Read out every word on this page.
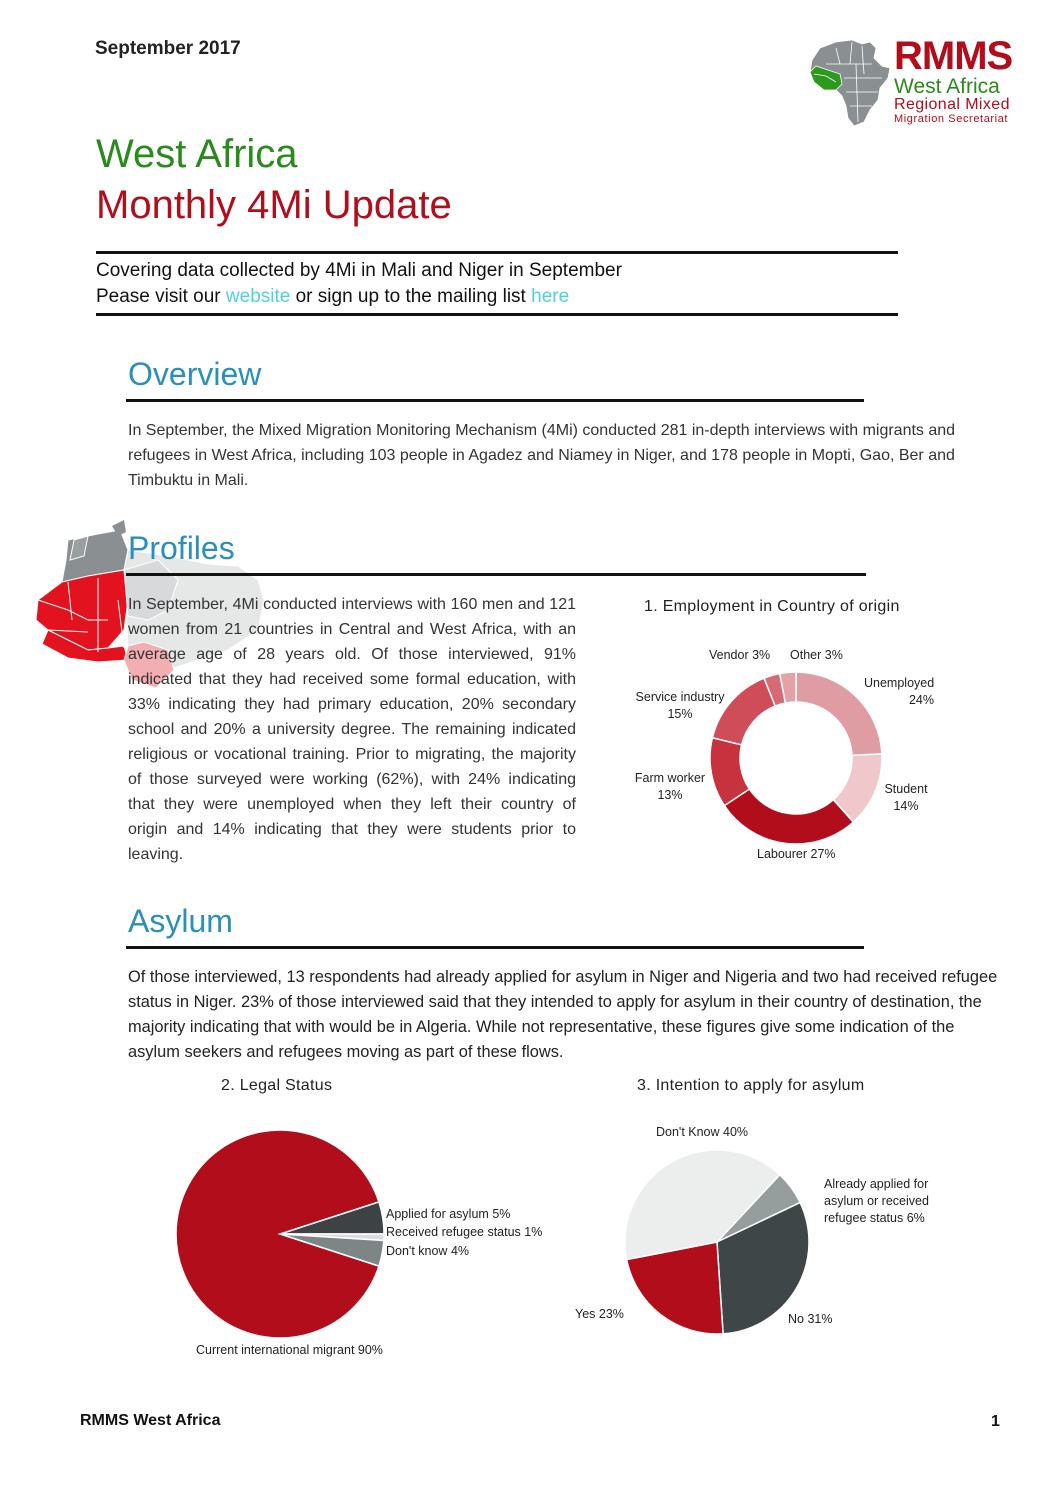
September 2017	RMMS
West Africa
Regional Mixed
Migration Secretariat
West Africa
Monthly 4Mi Update
Covering data collected by 4Mi in Mali and Niger in September
Pease visit our website or sign up to the mailing list here
Overview
In September, the Mixed Migration Monitoring Mechanism (4Mi) conducted 281 in-depth interviews with migrants and refugees in West Africa, including 103 people in Agadez and Niamey in Niger, and 178 people in Mopti, Gao, Ber and Timbuktu in Mali.
Profiles
In September, 4Mi conducted interviews with 160 men and 121 women from 21 countries in Central and West Africa, with an average age of 28 years old. Of those interviewed, 91% indicated that they had received some formal education, with 33% indicating they had primary education, 20% secondary school and 20% a university degree. The remaining indicated religious or vocational training. Prior to migrating, the majority of those surveyed were working (62%), with 24% indicating that they were unemployed when they left their country of origin and 14% indicating that they were students prior to leaving.
1. Employment in Country of origin
Unemployed
24%
Student
14%
Labourer 27%
Farm worker
13%
Service industry
15%
Vendor 3% Other 3%
Asylum
Of those interviewed, 13 respondents had already applied for asylum in Niger and Nigeria and two had received refugee status in Niger. 23% of those interviewed said that they intended to apply for asylum in their country of destination, the majority indicating that with would be in Algeria. While not representative, these figures give some indication of the asylum seekers and refugees moving as part of these flows.
2. Legal Status
Applied for asylum 5%
Received refugee status 1%
Don't know 4%
Current international migrant 90%
3. Intention to apply for asylum
Don't Know 40%
Already applied for asylum or received refugee status 6%
No 31%
Yes 23%
RMMS West Africa	1
